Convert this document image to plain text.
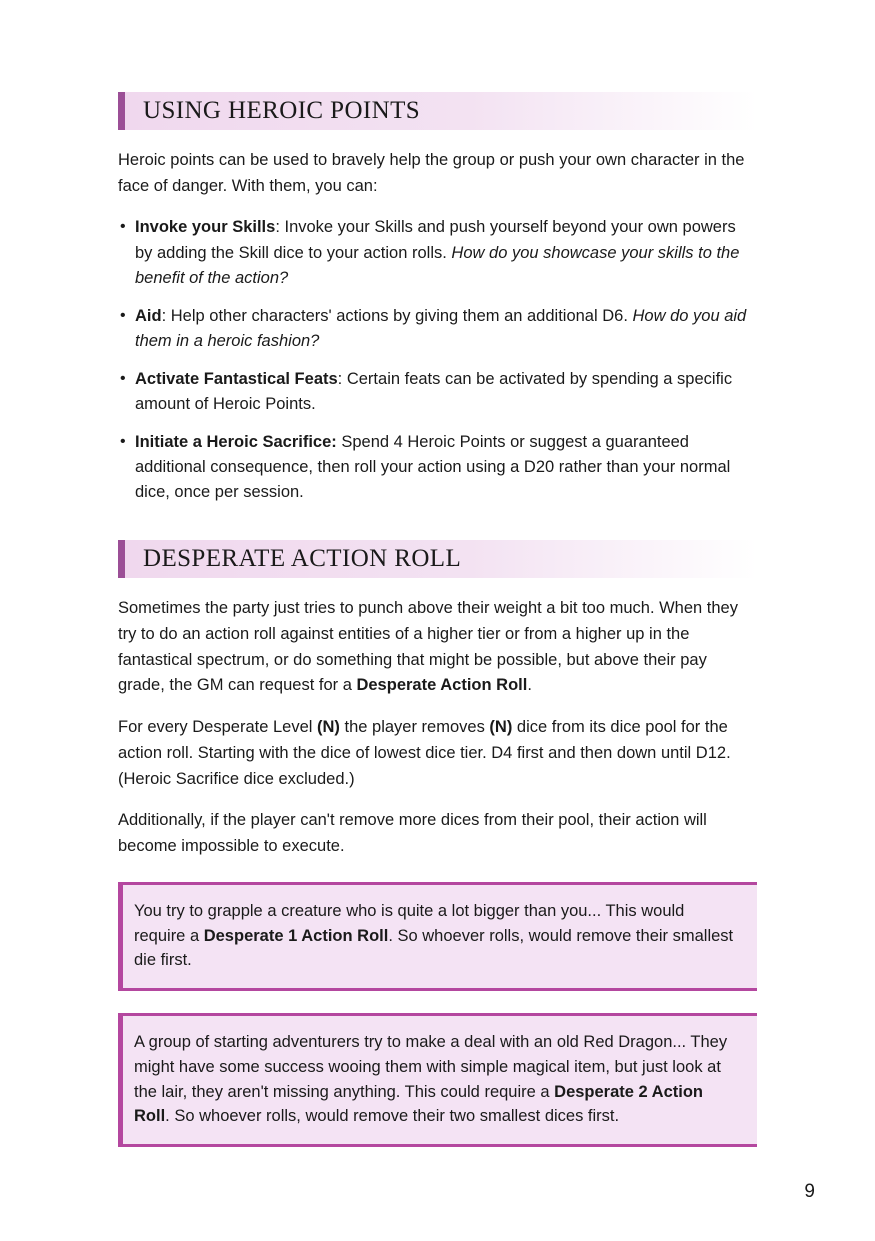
USING HEROIC POINTS

Heroic points can be used to bravely help the group or push your own character in the face of danger. With them, you can:

• Invoke your Skills: Invoke your Skills and push yourself beyond your own powers by adding the Skill dice to your action rolls. How do you showcase your skills to the benefit of the action?
• Aid: Help other characters' actions by giving them an additional D6. How do you aid them in a heroic fashion?
• Activate Fantastical Feats: Certain feats can be activated by spending a specific amount of Heroic Points.
• Initiate a Heroic Sacrifice: Spend 4 Heroic Points or suggest a guaranteed additional consequence, then roll your action using a D20 rather than your normal dice, once per session.
DESPERATE ACTION ROLL

Sometimes the party just tries to punch above their weight a bit too much. When they try to do an action roll against entities of a higher tier or from a higher up in the fantastical spectrum, or do something that might be possible, but above their pay grade, the GM can request for a Desperate Action Roll.

For every Desperate Level (N) the player removes (N) dice from its dice pool for the action roll. Starting with the dice of lowest dice tier. D4 first and then down until D12. (Heroic Sacrifice dice excluded.)

Additionally, if the player can't remove more dices from their pool, their action will become impossible to execute.

You try to grapple a creature who is quite a lot bigger than you... This would require a Desperate 1 Action Roll. So whoever rolls, would remove their smallest die first.

A group of starting adventurers try to make a deal with an old Red Dragon... They might have some success wooing them with simple magical item, but just look at the lair, they aren't missing anything. This could require a Desperate 2 Action Roll. So whoever rolls, would remove their two smallest dices first.

9
